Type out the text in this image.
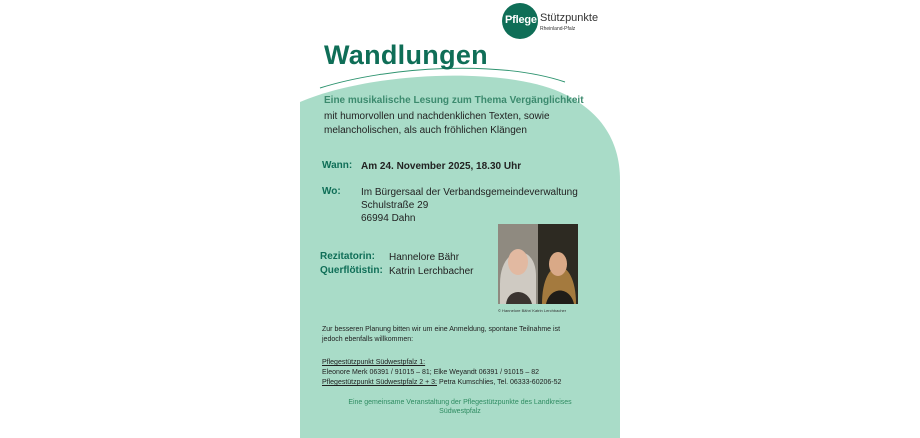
Pflege Stützpunkte
Rheinland-Pfalz
Wandlungen
Eine musikalische Lesung zum Thema Vergänglichkeit
mit humorvollen und nachdenklichen Texten, sowie
melancholischen, als auch fröhlichen Klängen
Wann: Am 24. November 2025, 18.30 Uhr
Wo: Im Bürgersaal der Verbandsgemeindeverwaltung
Schulstraße 29
66994 Dahn
Rezitatorin: Hannelore Bähr
Querflötistin: Katrin Lerchbacher
© Hannelore Bähr/ Katrin Lerchbacher
Zur besseren Planung bitten wir um eine Anmeldung, spontane Teilnahme ist
jedoch ebenfalls willkommen:
Pflegestützpunkt Südwestpfalz 1:
Eleonore Merk 06391 / 91015 – 81; Elke Weyandt 06391 / 91015 – 82
Pflegestützpunkt Südwestpfalz 2 + 3: Petra Kumschlies, Tel. 06333-60206-52
Eine gemeinsame Veranstaltung der Pflegestützpunkte des Landkreises
Südwestpfalz
